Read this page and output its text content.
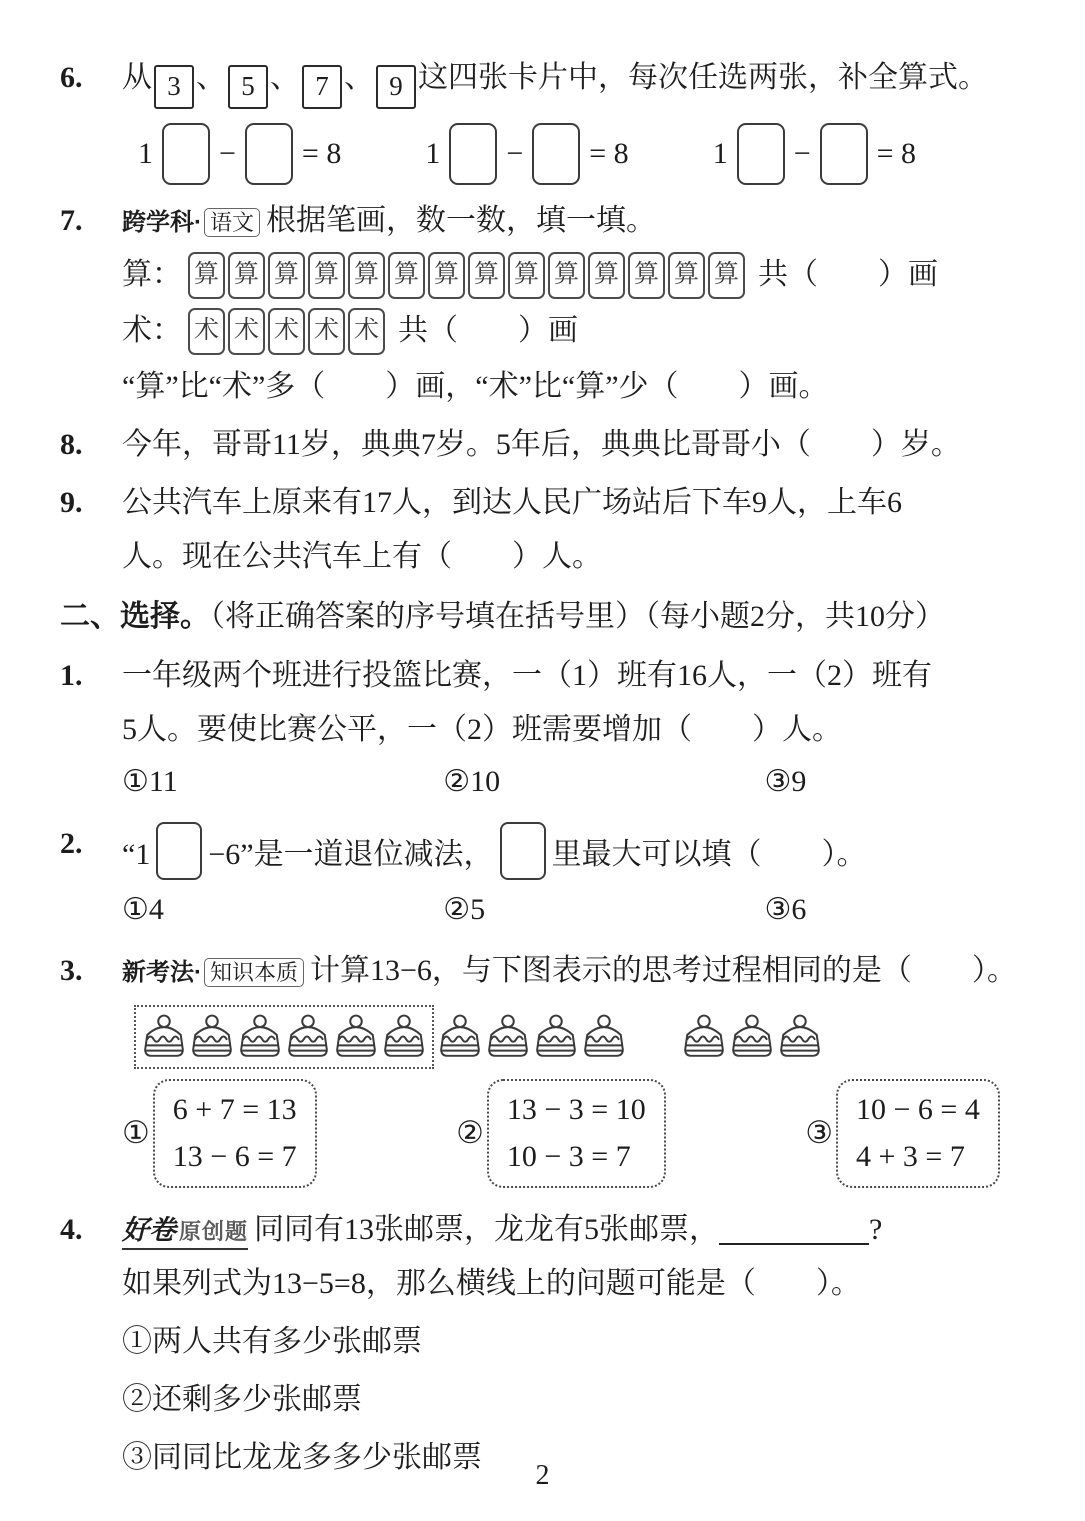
6.	从 3 、 5 、 7 、 9 这四张卡片中，每次任选两张，补全算式。
1 − = 8	1 − = 8	1 − = 8
7.	跨学科· 语文 根据笔画，数一数，填一填。
算： 算 算 算 算 算 算 算 算 算 算 算 算 算 算 共（　　）画
术： 术 术 术 术 术 共（　　）画
“算”比“术”多（　　）画，“术”比“算”少（　　）画。
8.	今年，哥哥11岁，典典7岁。5年后，典典比哥哥小（　　）岁。
9.	公共汽车上原来有17人，到达人民广场站后下车9人，上车6
人。现在公共汽车上有（　　）人。
二、选择。（将正确答案的序号填在括号里）（每小题2分，共10分）
1.	一年级两个班进行投篮比赛，一（1）班有16人，一（2）班有
5人。要使比赛公平，一（2）班需要增加（　　）人。
①11	②10	③9
2.	“1 −6”是一道退位减法， 里最大可以填（　　）。
①4	②5	③6
3.	新考法· 知识本质 计算13−6，与下图表示的思考过程相同的是（　　）。
①
6 + 7 = 13
13 − 6 = 7
②
13 − 3 = 10
10 − 3 = 7
③
10 − 6 = 4
4 + 3 = 7
4.	好卷 原创题 同同有13张邮票，龙龙有5张邮票，	?
如果列式为13−5=8，那么横线上的问题可能是（　　）。
①两人共有多少张邮票
②还剩多少张邮票
③同同比龙龙多多少张邮票
2
